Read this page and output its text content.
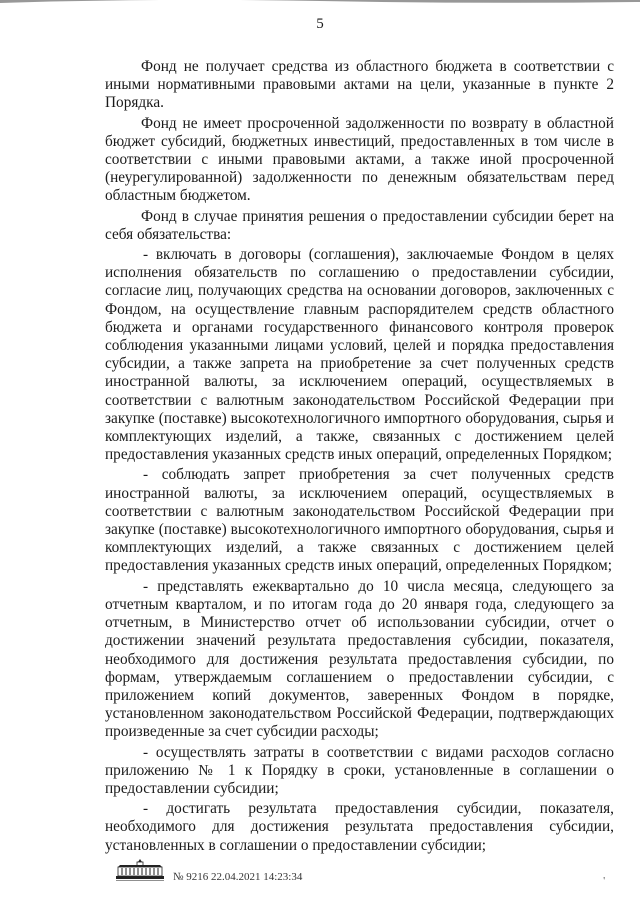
5

Фонд не получает средства из областного бюджета в соответствии с иными нормативными правовыми актами на цели, указанные в пункте 2 Порядка.

Фонд не имеет просроченной задолженности по возврату в областной бюджет субсидий, бюджетных инвестиций, предоставленных в том числе в соответствии с иными правовыми актами, а также иной просроченной (неурегулированной) задолженности по денежным обязательствам перед областным бюджетом.

Фонд в случае принятия решения о предоставлении субсидии берет на себя обязательства:

- включать в договоры (соглашения), заключаемые Фондом в целях исполнения обязательств по соглашению о предоставлении субсидии, согласие лиц, получающих средства на основании договоров, заключенных с Фондом, на осуществление главным распорядителем средств областного бюджета и органами государственного финансового контроля проверок соблюдения указанными лицами условий, целей и порядка предоставления субсидии, а также запрета на приобретение за счет полученных средств иностранной валюты, за исключением операций, осуществляемых в соответствии с валютным законодательством Российской Федерации при закупке (поставке) высокотехнологичного импортного оборудования, сырья и комплектующих изделий, а также, связанных с достижением целей предоставления указанных средств иных операций, определенных Порядком;

- соблюдать запрет приобретения за счет полученных средств иностранной валюты, за исключением операций, осуществляемых в соответствии с валютным законодательством Российской Федерации при закупке (поставке) высокотехнологичного импортного оборудования, сырья и комплектующих изделий, а также связанных с достижением целей предоставления указанных средств иных операций, определенных Порядком;

- представлять ежеквартально до 10 числа месяца, следующего за отчетным кварталом, и по итогам года до 20 января года, следующего за отчетным, в Министерство отчет об использовании субсидии, отчет о достижении значений результата предоставления субсидии, показателя, необходимого для достижения результата предоставления субсидии, по формам, утверждаемым соглашением о предоставлении субсидии, с приложением копий документов, заверенных Фондом в порядке, установленном законодательством Российской Федерации, подтверждающих произведенные за счет субсидии расходы;

- осуществлять затраты в соответствии с видами расходов согласно приложению № 1 к Порядку в сроки, установленные в соглашении о предоставлении субсидии;

- достигать результата предоставления субсидии, показателя, необходимого для достижения результата предоставления субсидии, установленных в соглашении о предоставлении субсидии;

№ 9216 22.04.2021 14:23:34	'
